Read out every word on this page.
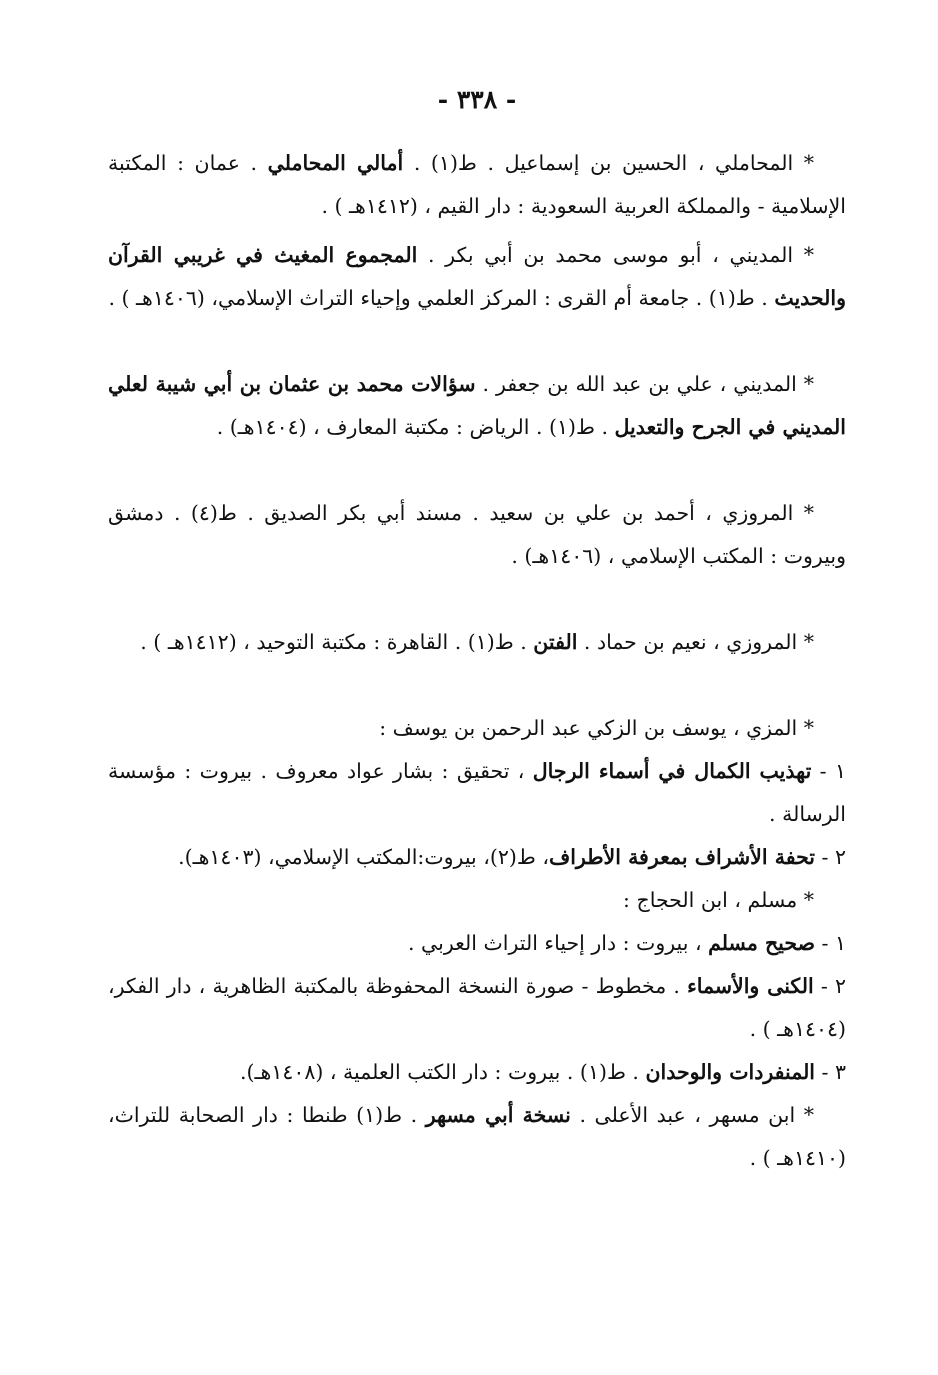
- ٣٣٨ -

* المحاملي ، الحسين بن إسماعيل . ط(١) . أمالي المحاملي . عمان : المكتبة الإسلامية - والمملكة العربية السعودية : دار القيم ، (١٤١٢هـ ) .

* المديني ، أبو موسى محمد بن أبي بكر . المجموع المغيث في غريبي القرآن والحديث . ط(١) . جامعة أم القرى : المركز العلمي وإحياء التراث الإسلامي، (١٤٠٦هـ ) .

* المديني ، علي بن عبد الله بن جعفر . سؤالات محمد بن عثمان بن أبي شيبة لعلي المديني في الجرح والتعديل . ط(١) . الرياض : مكتبة المعارف ، (١٤٠٤هـ) .

* المروزي ، أحمد بن علي بن سعيد . مسند أبي بكر الصديق . ط(٤) . دمشق وبيروت : المكتب الإسلامي ، (١٤٠٦هـ) .

* المروزي ، نعيم بن حماد . الفتن . ط(١) . القاهرة : مكتبة التوحيد ، (١٤١٢هـ ) .

* المزي ، يوسف بن الزكي عبد الرحمن بن يوسف :

١ - تهذيب الكمال في أسماء الرجال ، تحقيق : بشار عواد معروف . بيروت : مؤسسة الرسالة .

٢ - تحفة الأشراف بمعرفة الأطراف، ط(٢)، بيروت:المكتب الإسلامي، (١٤٠٣هـ).

* مسلم ، ابن الحجاج :

١ - صحيح مسلم ، بيروت : دار إحياء التراث العربي .

٢ - الكنى والأسماء . مخطوط - صورة النسخة المحفوظة بالمكتبة الظاهرية ، دار الفكر، (١٤٠٤هـ ) .

٣ - المنفردات والوحدان . ط(١) . بيروت : دار الكتب العلمية ، (١٤٠٨هـ).

* ابن مسهر ، عبد الأعلى . نسخة أبي مسهر . ط(١) طنطا : دار الصحابة للتراث، (١٤١٠هـ ) .
